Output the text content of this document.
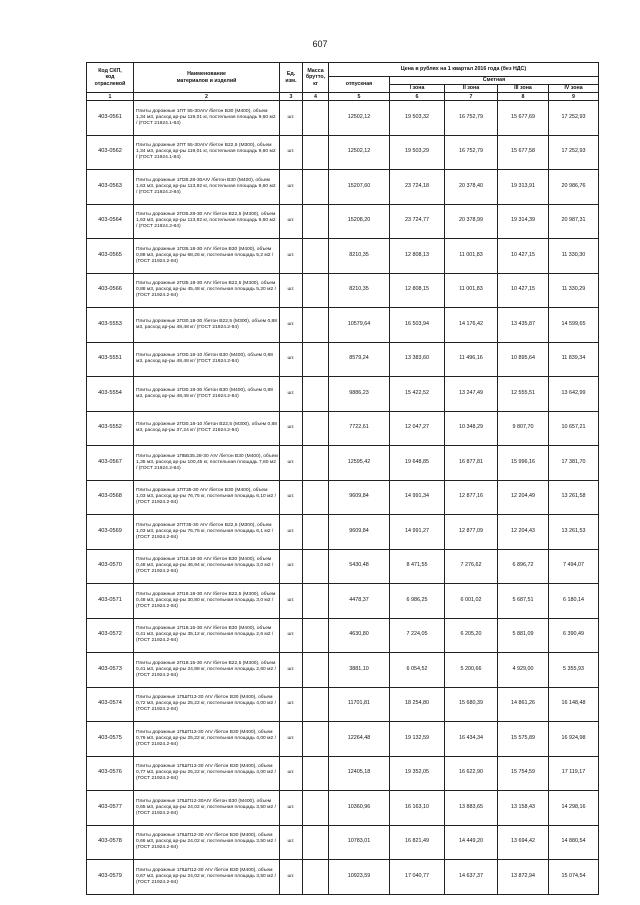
607
Код СКП,
код
отраслевой	Наименование
материалов и изделий	Ед.
изм.	Масса
брутто,
кг	Цена в рублях на 1 квартал 2016 года (без НДС)				
				отпускная	Сметная			
					I зона	II зона	III зона	IV зона
1	2	3	4	5	6	7	8	9
403-0561	Плиты дорожные 1ПТ 55-30AIV /бетон В30 (М400), объем 1,34 м3, расход ар-ры 119,01 кг, постельная площадь 9,60 м2 / (ГОСТ 21924.1-84)	шт.		12502,12	19 503,32	16 752,79	15 677,69	17 252,93
403-0562	Плиты дорожные 2ПТ 55-30AIV /бетон В22,5 (М300), объем 1,34 м3, расход ар-ры 119,01 кг, постельная площадь 9,60 м2 / (ГОСТ 21924.1-84)	шт.		12502,12	19 503,29	16 752,79	15 677,58	17 252,93
403-0563	Плиты дорожные 1П35.28-30AIV /бетон В30 (М400), объем 1,63 м3, расход ар-ры 113,92 кг, постельная площадь 9,60 м2 / (ГОСТ 21924.2-84)	шт.		15207,60	23 724,18	20 378,40	19 313,91	20 986,76
403-0564	Плиты дорожные 2П35.28-30 AIV /бетон В22,5 (М300), объем 1,63 м3, расход ар-ры 113,92 кг, постельная площадь 9,60 м2 / (ГОСТ 21924.2-84)	шт.		15208,20	23 724,77	20 378,99	19 314,39	20 987,31
403-0565	Плиты дорожные 1П35.18-30 AIV /бетон В30 (М400), объем 0,88 м3, расход ар-ры 68,26 кг, постельная площадь 5,2 м2 / (ГОСТ 21924.2-84)	шт.		8210,35	12 808,13	11 001,83	10 427,15	11 330,30
403-0566	Плиты дорожные 2П35.18-30 AIV /бетон В22,5 (М300), объем 0,88 м3, расход ар-ры 45,48 кг, постельная площадь 5,20 м2 / (ГОСТ 21924.2-84)	шт.		8210,35	12 808,15	11 001,83	10 427,15	11 330,29
403-5553	Плиты дорожные 2П30.18-30 /бетон В22,5 (М300), объем 0,88 м3, расход ар-ры 48,48 кг/ (ГОСТ 21924.2-84)	шт.		10579,64	16 503,94	14 176,42	13 435,87	14 599,65
403-5551	Плиты дорожные 1П30.18-10 /бетон В30 (М400), объем 0,88 м3, расход ар-ры 48,48 кг/ (ГОСТ 21924.2-84)	шт.		8579,24	13 383,60	11 496,16	10 895,64	11 839,34
403-5554	Плиты дорожные 1П30.18-30 /бетон В30 (М400), объем 0,88 м3, расход ар-ры 48,48 кг/ (ГОСТ 21924.2-84)	шт.		9886,23	15 422,52	13 247,49	12 555,51	13 642,99
403-5552	Плиты дорожные 2П30.18-10 /бетон В22,5 (М300), объем 0,88 м3, расход ар-ры 37,24 кг/ (ГОСТ 21924.2-84)	шт.		7722,61	12 047,27	10 348,29	9 807,70	10 657,21
403-0567	Плиты дорожные 1ПББ35.28-30 AIV /бетон В30 (М400), объем 1,35 м3, расход ар-ры 100,45 кг, постельная площадь 7,60 м2 / (ГОСТ 21924.2-84)	шт.		12595,42	19 648,85	16 877,81	15 996,16	17 381,70
403-0568	Плиты дорожные 1ПТ35-30 AIV /бетон В30 (М400), объем 1,03 м3, расход ар-ры 76,75 кг, постельная площадь 6,10 м2 / (ГОСТ 21924.2-84)	шт.		9609,84	14 991,34	12 877,16	12 204,49	13 261,58
403-0569	Плиты дорожные 2ПТ35-30 AIV /бетон В22,5 (М300), объем 1,03 м3, расход ар-ры 76,75 кг, постельная площадь 6,1 м2 / (ГОСТ 21924.2-84)	шт.		9609,84	14 991,27	12 877,09	12 204,43	13 261,53
403-0570	Плиты дорожные 1П18.18-30 AIV /бетон В30 (М400), объем 0,48 м3, расход ар-ры 46,94 кг, постельная площадь 3,0 м2 / (ГОСТ 21924.2-84)	шт.		5430,48	8 471,55	7 276,62	6 896,72	7 494,07
403-0571	Плиты дорожные 2П18.18-30 AIV /бетон В22,5 (М300), объем 0,48 м3, расход ар-ры 30,80 кг, постельная площадь 3,0 м2 / (ГОСТ 21924.2-84)	шт.		4478,37	6 986,25	6 001,02	5 687,51	6 180,14
403-0572	Плиты дорожные 1П18.15-30 AIV /бетон В30 (М400), объем 0,41 м3, расход ар-ры 35,12 кг, постельная площадь 2,6 м2 / (ГОСТ 21924.2-84)	шт.		4630,80	7 224,05	6 205,20	5 881,09	6 390,49
403-0573	Плиты дорожные 2П18.15-30 AIV /бетон В22,5 (М300), объем 0,41 м3, расход ар-ры 24,88 кг, постельная площадь 2,60 м2 / (ГОСТ 21924.2-84)	шт.		3881,10	6 054,52	5 200,66	4 929,00	5 355,93
403-0574	Плиты дорожные 1ПШП13-30 AIV /бетон В30 (М400), объем 0,72 м3, расход ар-ры 25,22 кг, постельная площадь 4,00 м2 / (ГОСТ 21924.2-84)	шт.		11701,81	18 254,80	15 680,39	14 861,26	16 148,48
403-0575	Плиты дорожные 1ПШП13-30 AIV /бетон В30 (М400), объем 0,76 м3, расход ар-ры 25,22 кг, постельная площадь 4,00 м2 / (ГОСТ 21924.2-84)	шт.		12264,48	19 132,59	16 434,34	15 575,89	16 924,98
403-0576	Плиты дорожные 1ПШП13-30 AIV /бетон В30 (М400), объем 0,77 м3, расход ар-ры 25,22 кг, постельная площадь 4,00 м2 / (ГОСТ 21924.2-84)	шт.		12405,18	19 352,05	16 622,90	15 754,59	17 119,17
403-0577	Плиты дорожные 1ПШП12-30AIV /бетон В30 (М400), объем 0,65 м3, расход ар-ры 24,02 кг, постельная площадь 3,50 м2 / (ГОСТ 21924.2-84)	шт.		10360,96	16 163,10	13 883,65	13 158,43	14 298,16
403-0578	Плиты дорожные 1ПШП12-30 AIV /бетон В30 (М400), объем 0,66 м3, расход ар-ры 24,02 кг, постельная площадь 3,50 м2 / (ГОСТ 21924.2-84)	шт.		10783,01	16 821,49	14 449,20	13 694,42	14 880,54
403-0579	Плиты дорожные 1ПШП12-30 AIV /бетон В30 (М400), объем 0,67 м3, расход ар-ры 24,02 кг, постельная площадь 3,50 м2 / (ГОСТ 21924.2-84)	шт.		10923,59	17 040,77	14 637,37	13 872,94	15 074,54
